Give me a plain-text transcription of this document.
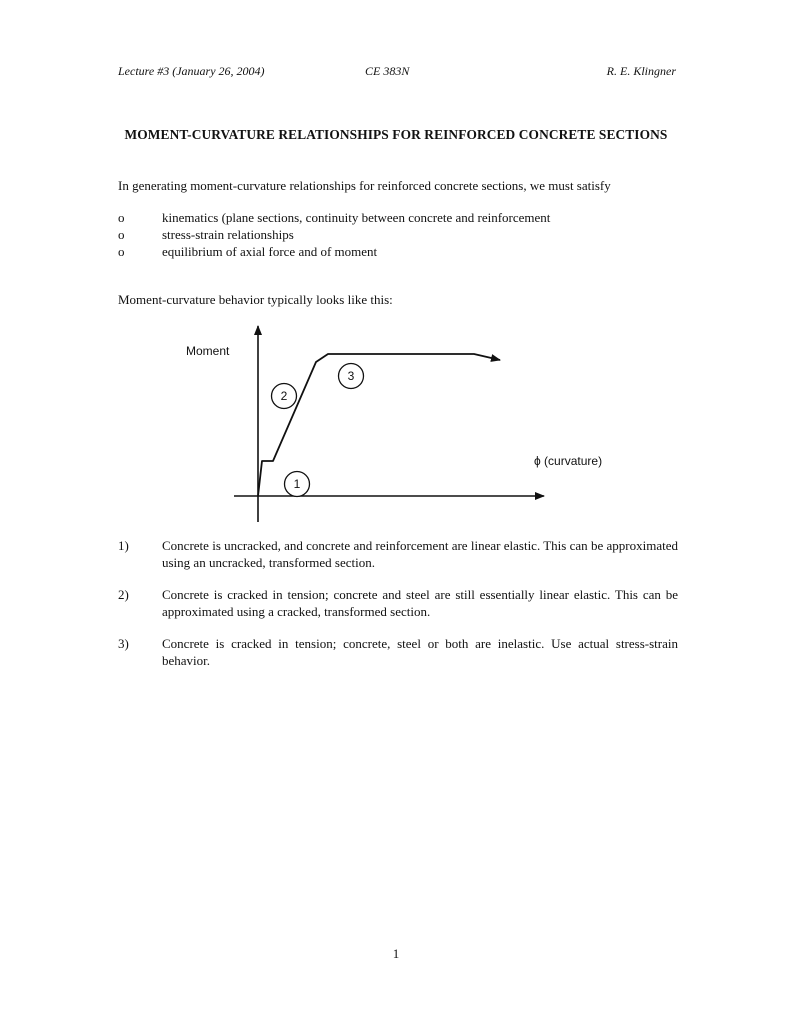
Lecture #3 (January 26, 2004)	CE 383N	R. E. Klingner
MOMENT-CURVATURE RELATIONSHIPS FOR REINFORCED CONCRETE SECTIONS
In generating moment-curvature relationships for reinforced concrete sections, we must satisfy
o	kinematics (plane sections, continuity between concrete and reinforcement
o	stress-strain relationships
o	equilibrium of axial force and of moment
Moment-curvature behavior typically looks like this:
Moment
ϕ (curvature)
1
2
3
1)	Concrete is uncracked, and concrete and reinforcement are linear elastic. This can be approximated using an uncracked, transformed section.
2)	Concrete is cracked in tension; concrete and steel are still essentially linear elastic. This can be approximated using a cracked, transformed section.
3)	Concrete is cracked in tension; concrete, steel or both are inelastic. Use actual stress-strain behavior.
1
